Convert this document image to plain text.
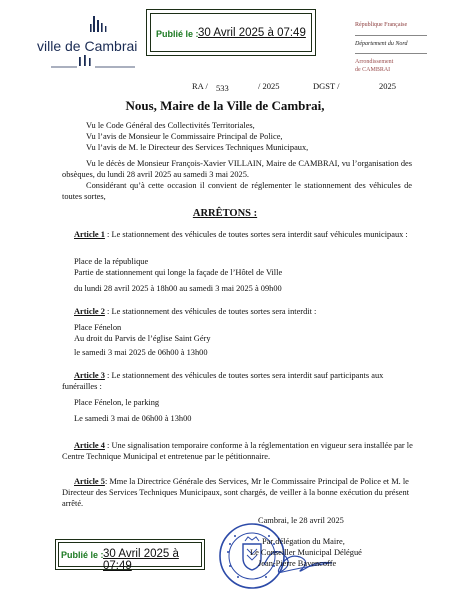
Publié le : 30 Avril 2025 à 07:49
ville de Cambrai
République Française
Département du Nord
Arrondissement
de CAMBRAI
RA / 533	/ 2025	DGST /	2025
Nous, Maire de la Ville de Cambrai,
Vu le Code Général des Collectivités Territoriales,
Vu l’avis de Monsieur le Commissaire Principal de Police,
Vu l’avis de M. le Directeur des Services Techniques Municipaux,
Vu le décès de Monsieur François-Xavier VILLAIN, Maire de CAMBRAI, vu l’organisation des obsèques, du lundi 28 avril 2025 au samedi 3 mai 2025.
Considérant qu’à cette occasion il convient de réglementer le stationnement des véhicules de toutes sortes,
ARRÊTONS :
Article 1 : Le stationnement des véhicules de toutes sortes sera interdit sauf véhicules municipaux :
Place de la république
Partie de stationnement qui longe la façade de l’Hôtel de Ville
du lundi 28 avril 2025 à 18h00 au samedi 3 mai 2025 à 09h00
Article 2 : Le stationnement des véhicules de toutes sortes sera interdit :
Place Fénelon
Au droit du Parvis de l’église Saint Géry
le samedi 3 mai 2025 de 06h00 à 13h00
Article 3 : Le stationnement des véhicules de toutes sortes sera interdit sauf participants aux funérailles :
Place Fénelon, le parking
Le samedi 3 mai de 06h00 à 13h00
Article 4 : Une signalisation temporaire conforme à la réglementation en vigueur sera installée par le Centre Technique Municipal et entretenue par le pétitionnaire.
Article 5: Mme la Directrice Générale des Services, Mr le Commissaire Principal de Police et M. le Directeur des Services Techniques Municipaux, sont chargés, de veiller à la bonne exécution du présent arrêté.
Cambrai, le 28 avril 2025
Par délégation du Maire,
Le Conseiller Municipal Délégué
Jean-Pierre Bavencoffe
Publié le : 30 Avril 2025 à 07:49
